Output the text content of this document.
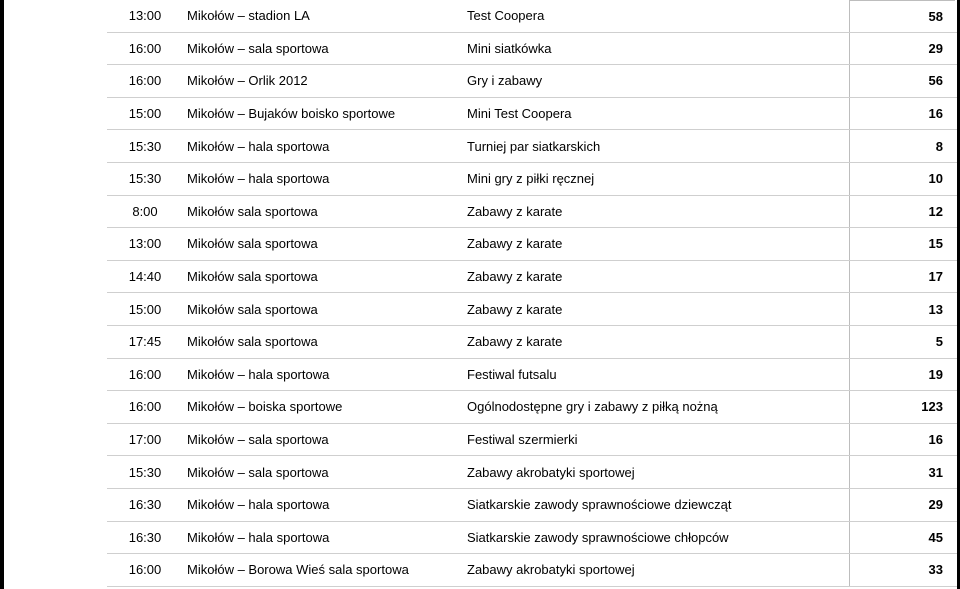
13:00	Mikołów – stadion LA	Test Coopera	58
16:00	Mikołów – sala sportowa	Mini siatkówka	29
16:00	Mikołów – Orlik 2012	Gry i zabawy	56
15:00	Mikołów – Bujaków boisko sportowe	Mini Test Coopera	16
15:30	Mikołów – hala sportowa	Turniej par siatkarskich	8
15:30	Mikołów – hala sportowa	Mini gry z piłki ręcznej	10
8:00	Mikołów sala sportowa	Zabawy z karate	12
13:00	Mikołów sala sportowa	Zabawy z karate	15
14:40	Mikołów sala sportowa	Zabawy z karate	17
15:00	Mikołów sala sportowa	Zabawy z karate	13
17:45	Mikołów sala sportowa	Zabawy z karate	5
16:00	Mikołów – hala sportowa	Festiwal futsalu	19
16:00	Mikołów – boiska sportowe	Ogólnodostępne gry i zabawy z piłką nożną	123
17:00	Mikołów – sala sportowa	Festiwal szermierki	16
15:30	Mikołów – sala sportowa	Zabawy akrobatyki sportowej	31
16:30	Mikołów – hala sportowa	Siatkarskie zawody sprawnościowe dziewcząt	29
16:30	Mikołów – hala sportowa	Siatkarskie zawody sprawnościowe chłopców	45
16:00	Mikołów – Borowa Wieś sala sportowa	Zabawy akrobatyki sportowej	33
